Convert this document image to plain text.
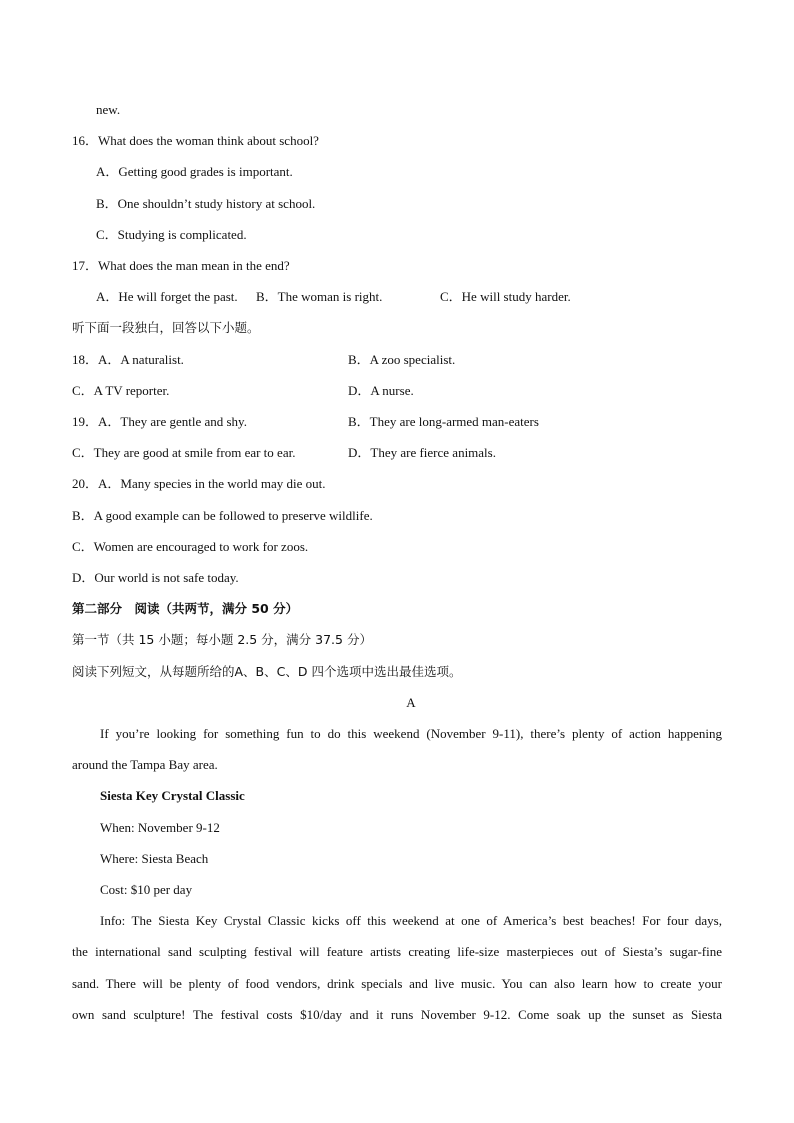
new.
16．What does the woman think about school?
A．Getting good grades is important.
B．One shouldn’t study history at school.
C．Studying is complicated.
17．What does the man mean in the end?
A．He will forget the past. B．The woman is right.	C．He will study harder.
听下面一段独白，回答以下小题。
18．A．A naturalist.	B．A zoo specialist.
C．A TV reporter.	D．A nurse.
19．A．They are gentle and shy.	B．They are long-armed man-eaters
C．They are good at smile from ear to ear.	D．They are fierce animals.
20．A．Many species in the world may die out.
B．A good example can be followed to preserve wildlife.
C．Women are encouraged to work for zoos.
D．Our world is not safe today.
第二部分　阅读（共两节，满分 50 分）
第一节（共 15 小题；每小题 2.5 分，满分 37.5 分）
阅读下列短文，从每题所给的A、B、C、D 四个选项中选出最佳选项。
A
If you’re looking for something fun to do this weekend (November 9-11), there’s plenty of action happening
around the Tampa Bay area.
Siesta Key Crystal Classic
When: November 9-12
Where: Siesta Beach
Cost: $10 per day
Info: The Siesta Key Crystal Classic kicks off this weekend at one of America’s best beaches! For four days,
the international sand sculpting festival will feature artists creating life-size masterpieces out of Siesta’s sugar-fine
sand. There will be plenty of food vendors, drink specials and live music. You can also learn how to create your
own sand sculpture! The festival costs $10/day and it runs November 9-12. Come soak up the sunset as Siesta
